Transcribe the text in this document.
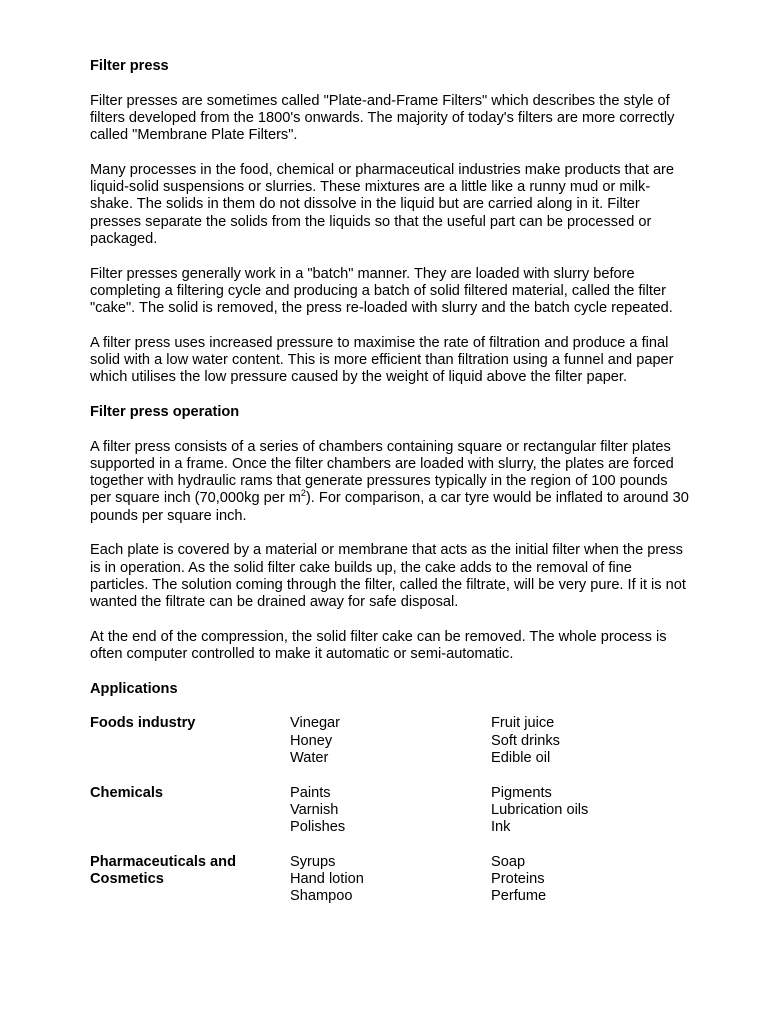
Filter press

Filter presses are sometimes called "Plate-and-Frame Filters" which describes the style of filters developed from the 1800's onwards. The majority of today's filters are more correctly called "Membrane Plate Filters".

Many processes in the food, chemical or pharmaceutical industries make products that are liquid-solid suspensions or slurries. These mixtures are a little like a runny mud or milk-shake. The solids in them do not dissolve in the liquid but are carried along in it. Filter presses separate the solids from the liquids so that the useful part can be processed or packaged.

Filter presses generally work in a "batch" manner. They are loaded with slurry before completing a filtering cycle and producing a batch of solid filtered material, called the filter "cake". The solid is removed, the press re-loaded with slurry and the batch cycle repeated.

A filter press uses increased pressure to maximise the rate of filtration and produce a final solid with a low water content. This is more efficient than filtration using a funnel and paper which utilises the low pressure caused by the weight of liquid above the filter paper.

Filter press operation

A filter press consists of a series of chambers containing square or rectangular filter plates supported in a frame. Once the filter chambers are loaded with slurry, the plates are forced together with hydraulic rams that generate pressures typically in the region of 100 pounds per square inch (70,000kg per $m^2$). For comparison, a car tyre would be inflated to around 30 pounds per square inch.

Each plate is covered by a material or membrane that acts as the initial filter when the press is in operation. As the solid filter cake builds up, the cake adds to the removal of fine particles. The solution coming through the filter, called the filtrate, will be very pure. If it is not wanted the filtrate can be drained away for safe disposal.

At the end of the compression, the solid filter cake can be removed. The whole process is often computer controlled to make it automatic or semi-automatic.

Applications

Foods industry	Vinegar
Honey
Water
Fruit juice
Soft drinks
Edible oil
Chemicals	Paints
Varnish
Polishes
Pigments
Lubrication oils
Ink
Pharmaceuticals and
Cosmetics
Syrups
Hand lotion
Shampoo
Soap
Proteins
Perfume
